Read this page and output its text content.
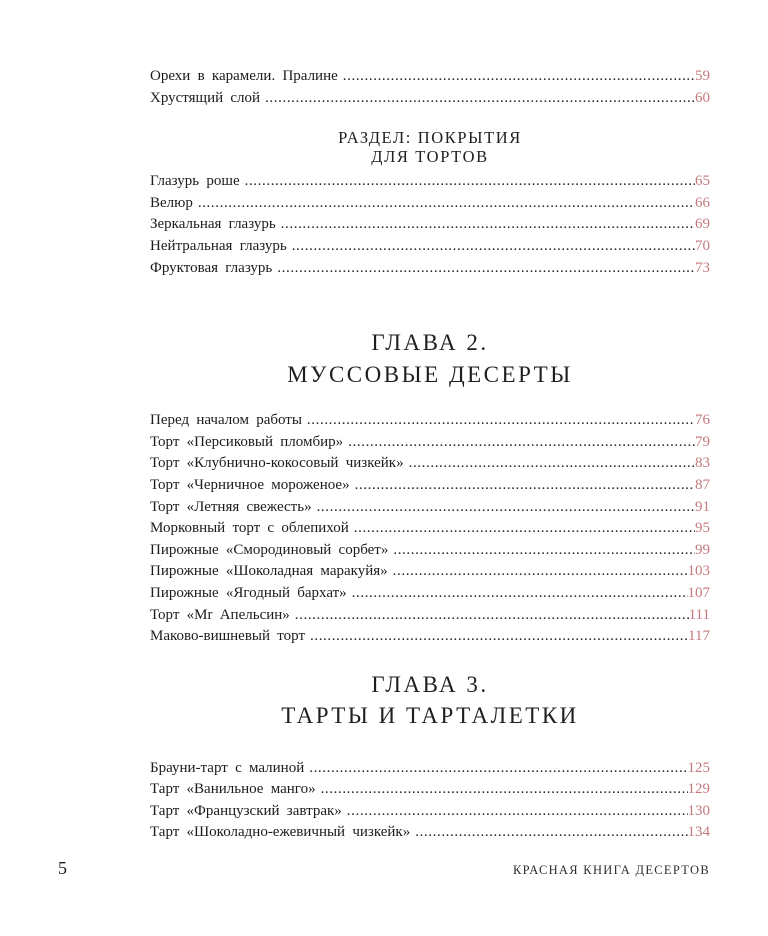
Орехи в карамели. Пралине .....	59
Хрустящий слой .....	60
РАЗДЕЛ: ПОКРЫТИЯ
ДЛЯ ТОРТОВ
Глазурь роше .....	65
Велюр .....	66
Зеркальная глазурь .....	69
Нейтральная глазурь .....	70
Фруктовая глазурь .....	73
ГЛАВА 2.
МУССОВЫЕ ДЕСЕРТЫ
Перед началом работы .....	76
Торт «Персиковый пломбир» .....	79
Торт «Клубнично-кокосовый чизкейк» .....	83
Торт «Черничное мороженое» .....	87
Торт «Летняя свежесть» .....	91
Морковный торт с облепихой .....	95
Пирожные «Смородиновый сорбет» .....	99
Пирожные «Шоколадная маракуйя» .....	103
Пирожные «Ягодный бархат» .....	107
Торт «Mr Апельсин» .....	111
Маково-вишневый торт .....	117
ГЛАВА 3.
ТАРТЫ И ТАРТАЛЕТКИ
Брауни-тарт с малиной .....	125
Тарт «Ванильное манго» .....	129
Тарт «Французский завтрак» .....	130
Тарт «Шоколадно-ежевичный чизкейк» .....	134
5	КРАСНАЯ КНИГА ДЕСЕРТОВ
